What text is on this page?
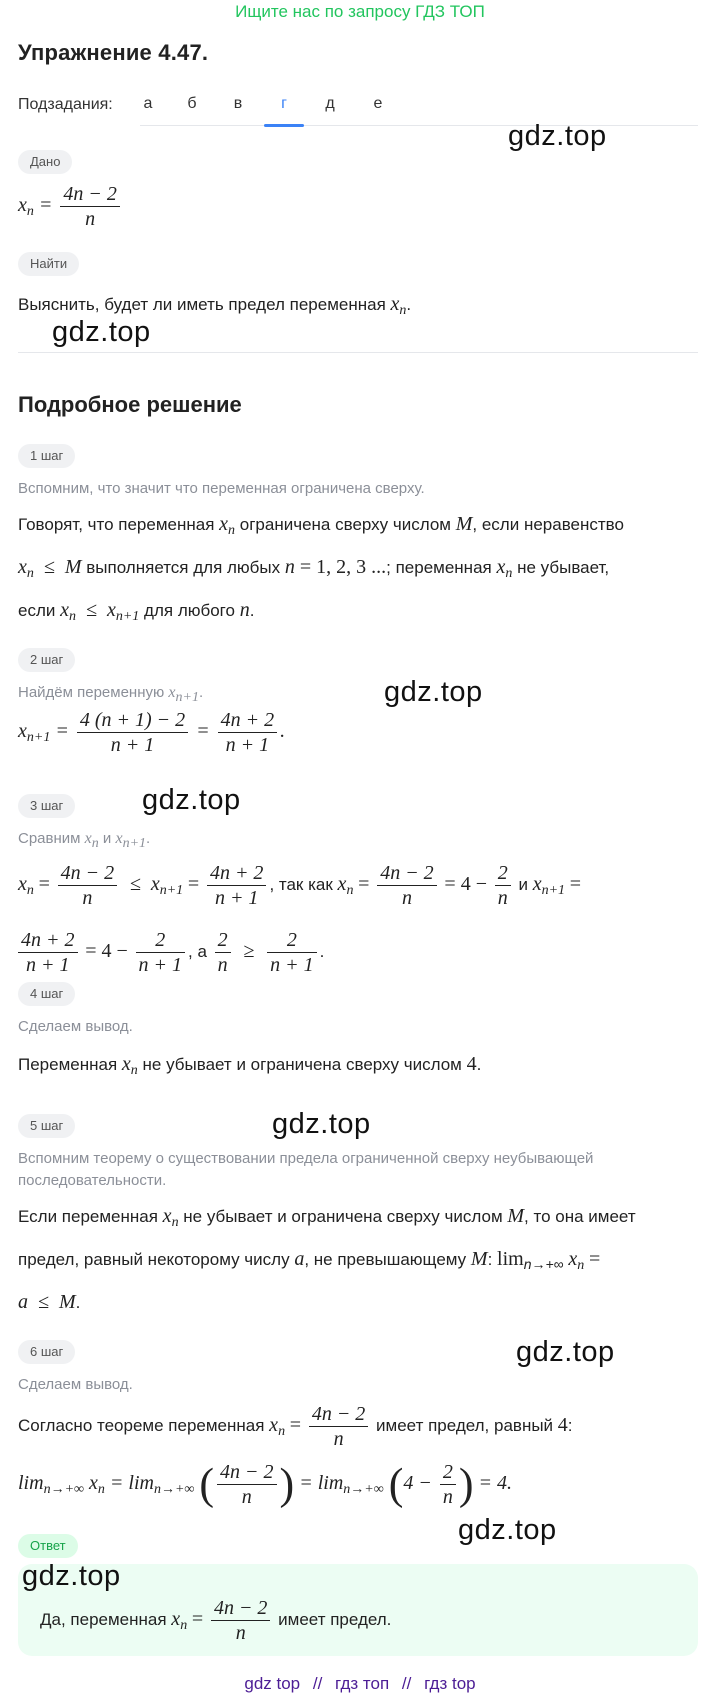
Ищите нас по запросу ГДЗ ТОП
Упражнение 4.47.
Подзадания:	а	б	в	г	д	е
gdz.top
Дано
$x_n = \frac{4n - 2}{n}$
Найти
Выяснить, будет ли иметь предел переменная $x_n$.
gdz.top
Подробное решение
1 шаг
Вспомним, что значит что переменная ограничена сверху.
Говорят, что переменная $x_n$ ограничена сверху числом M, если неравенство
$x_n \le M$ выполняется для любых n = 1, 2, 3 ...; переменная $x_n$ не убывает,
если $x_n \le x_{n+1}$ для любого n.
2 шаг
Найдём переменную xn+1.	gdz.top
$x_{n+1} = \frac{4 (n + 1) - 2}{n + 1} = \frac{4n + 2}{n + 1}$ .
gdz.top
3 шаг
Сравним xn и xn+1.
$x_n = \frac{4n - 2}{n} \le x_{n+1} = \frac{4n + 2}{n + 1}$ , так как $x_n = \frac{4n - 2}{n} = 4 - \frac{2}{n}$ и $x_{n+1}$ =

$\frac{4n + 2}{n + 1} = 4 - \frac{2}{n + 1}$ , а $\frac{2}{n} \ge \frac{2}{n + 1}$ .
4 шаг
Сделаем вывод.
Переменная $x_n$ не убывает и ограничена сверху числом 4.
5 шаг	gdz.top
Вспомним теорему о существовании предела ограниченной сверху неубывающей последовательности.
Если переменная $x_n$ не убывает и ограничена сверху числом M, то она имеет
предел, равный некоторому числу a, не превышающему M: $\lim_{n\to+\infty} x_n$ =
a  ≤  M.
6 шаг	gdz.top
Сделаем вывод.
Согласно теореме переменная $x_n = \frac{4n - 2}{n}$ имеет предел, равный 4:
$\lim_{n\to+\infty} x_n = \lim_{n\to+\infty}$ ( $\frac{4n - 2}{n}$ ) = $\lim_{n\to+\infty} (4 - \frac{2}{n}$ ) = 4.
gdz.top
Ответ
gdz.top
Да, переменная $x_n = \frac{4n - 2}{n}$ имеет предел.
gdz top // гдз топ // гдз top
